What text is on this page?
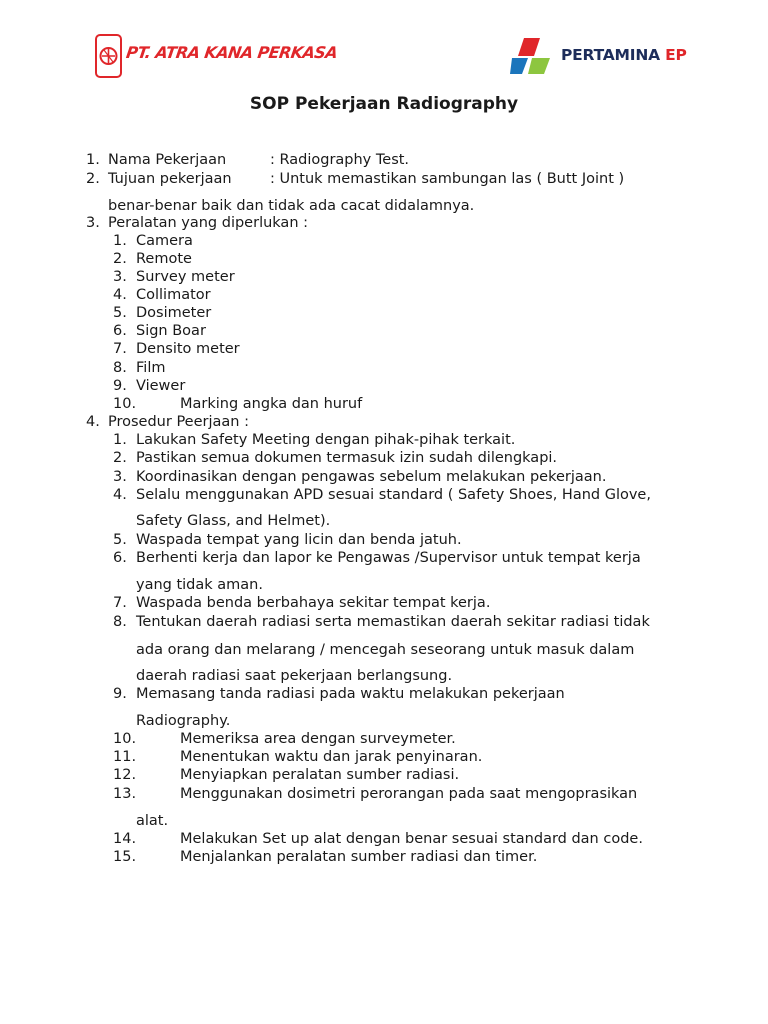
PT. ATRA KANA PERKASA	PERTAMINA EP
SOP Pekerjaan Radiography
1. Nama Pekerjaan	: Radiography Test.
2. Tujuan pekerjaan	: Untuk memastikan sambungan las ( Butt Joint )
benar-benar baik dan tidak ada cacat didalamnya.
3. Peralatan yang diperlukan :
1. Camera
2. Remote
3. Survey meter
4. Collimator
5. Dosimeter
6. Sign Boar
7. Densito meter
8. Film
9. Viewer
10.	Marking angka dan huruf
4. Prosedur Peerjaan :
1. Lakukan Safety Meeting dengan pihak-pihak terkait.
2. Pastikan semua dokumen termasuk izin sudah dilengkapi.
3. Koordinasikan dengan pengawas sebelum melakukan pekerjaan.
4. Selalu menggunakan APD sesuai standard ( Safety Shoes, Hand Glove,
Safety Glass, and Helmet).
5. Waspada tempat yang licin dan benda jatuh.
6. Berhenti kerja dan lapor ke Pengawas /Supervisor untuk tempat kerja
yang tidak aman.
7. Waspada benda berbahaya sekitar tempat kerja.
8. Tentukan daerah radiasi serta memastikan daerah sekitar radiasi tidak
ada orang dan melarang / mencegah seseorang untuk masuk dalam
daerah radiasi saat pekerjaan berlangsung.
9. Memasang tanda radiasi pada waktu melakukan pekerjaan
Radiography.
10.	Memeriksa area dengan surveymeter.
11.	Menentukan waktu dan jarak penyinaran.
12.	Menyiapkan peralatan sumber radiasi.
13.	Menggunakan dosimetri perorangan pada saat mengoprasikan
alat.
14.	Melakukan Set up alat dengan benar sesuai standard dan code.
15.	Menjalankan peralatan sumber radiasi dan timer.
